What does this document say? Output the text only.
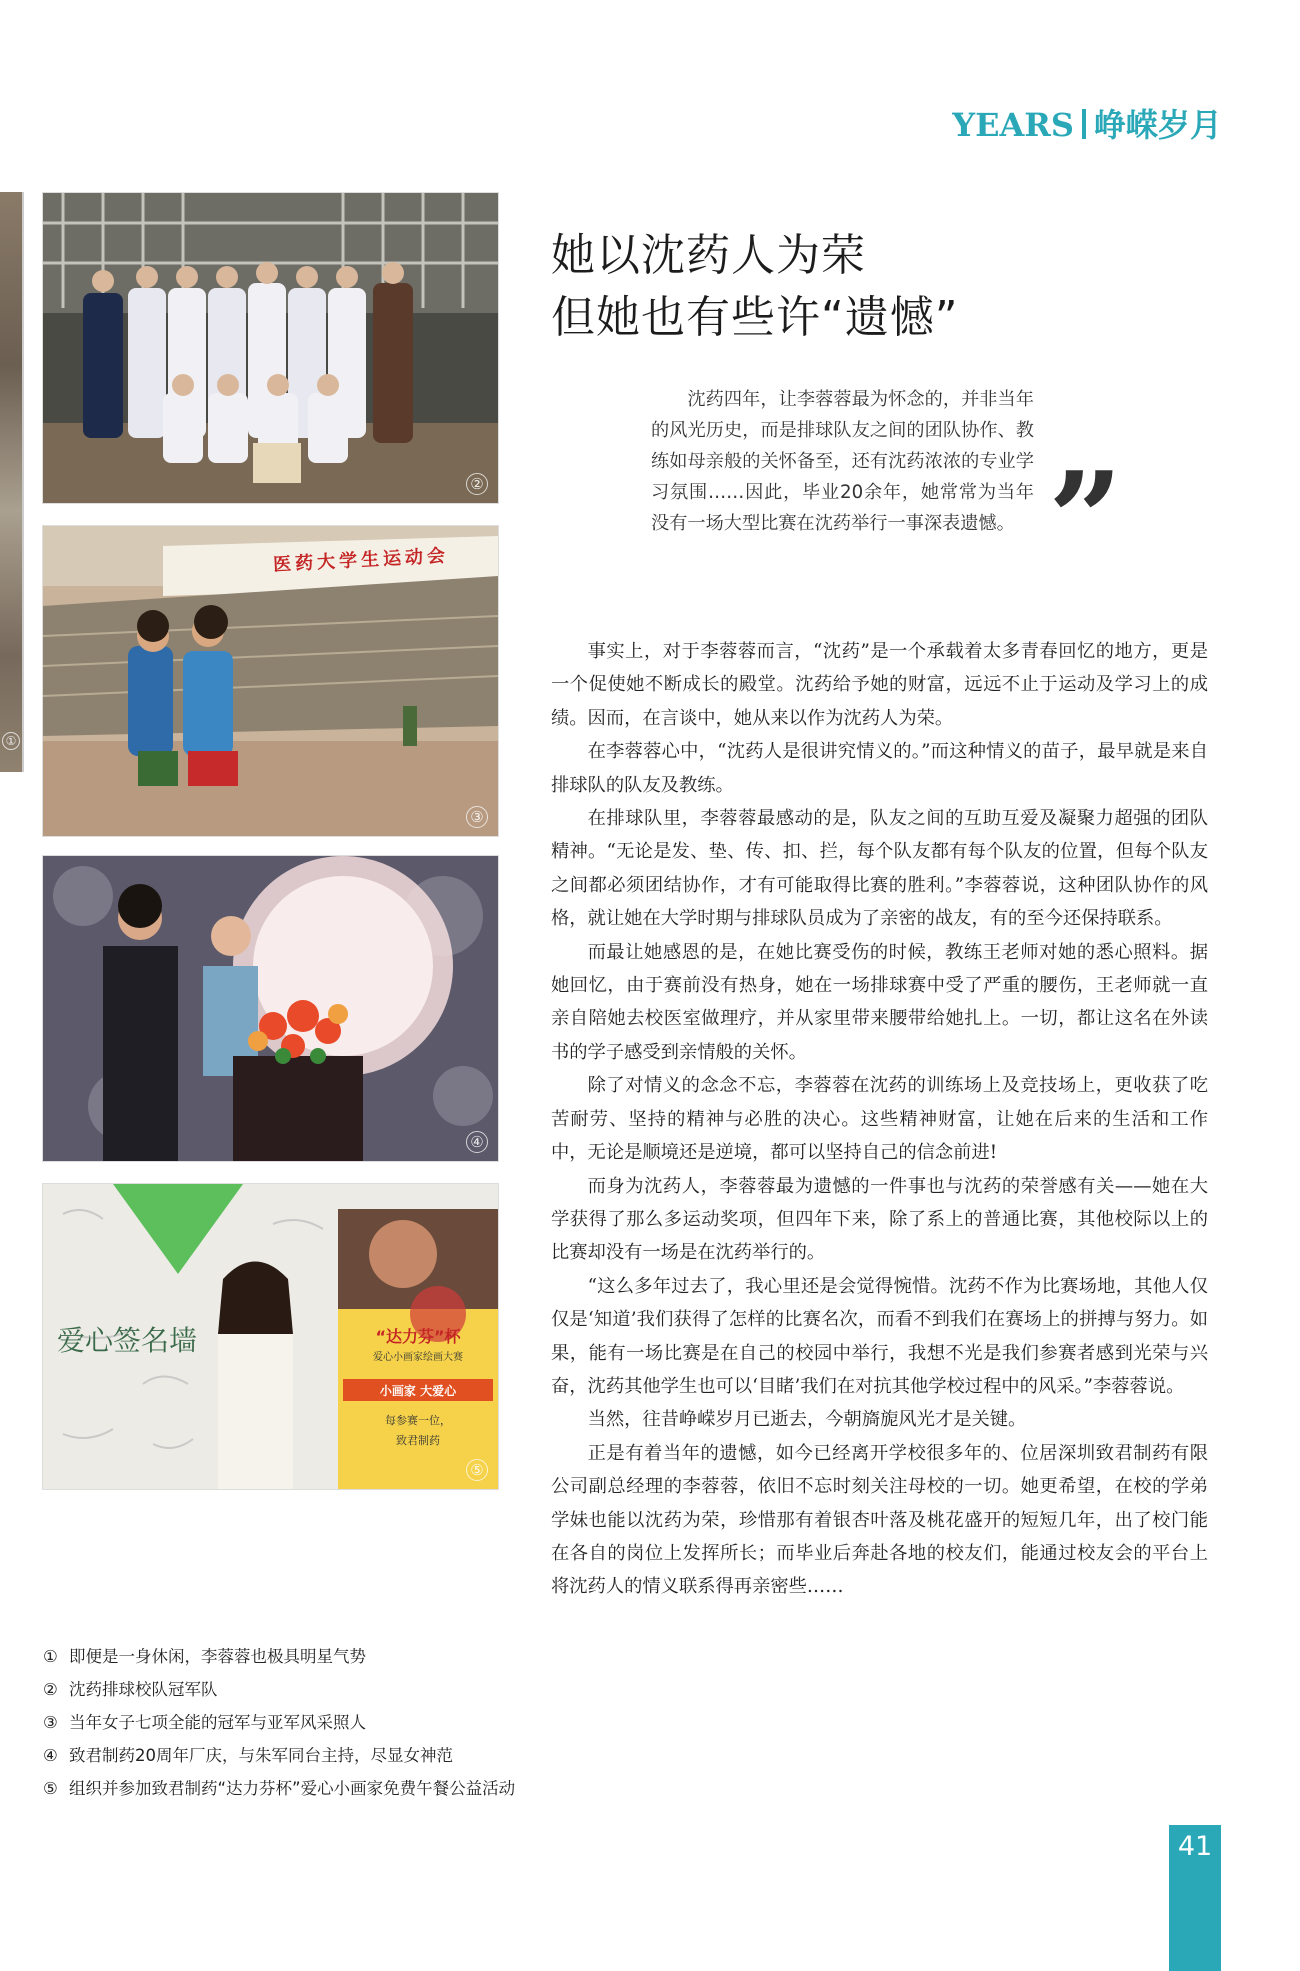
YEARS 峥嵘岁月
①
②
③
医药大学生运动会
④
爱心签名墙	“达力芬”杯
爱心小画家绘画大赛
小画家 大爱心
每参赛一位，
致君制药
⑤
她以沈药人为荣
但她也有些许“遗憾”
沈药四年，让李蓉蓉最为怀念的，并非当年的风光历史，而是排球队友之间的团队协作、教练如母亲般的关怀备至，还有沈药浓浓的专业学习氛围……因此，毕业20余年，她常常为当年没有一场大型比赛在沈药举行一事深表遗憾。 ”

事实上，对于李蓉蓉而言，“沈药”是一个承载着太多青春回忆的地方，更是一个促使她不断成长的殿堂。沈药给予她的财富，远远不止于运动及学习上的成绩。因而，在言谈中，她从来以作为沈药人为荣。

在李蓉蓉心中，“沈药人是很讲究情义的。”而这种情义的苗子，最早就是来自排球队的队友及教练。

在排球队里，李蓉蓉最感动的是，队友之间的互助互爱及凝聚力超强的团队精神。“无论是发、垫、传、扣、拦，每个队友都有每个队友的位置，但每个队友之间都必须团结协作，才有可能取得比赛的胜利。”李蓉蓉说，这种团队协作的风格，就让她在大学时期与排球队员成为了亲密的战友，有的至今还保持联系。

而最让她感恩的是，在她比赛受伤的时候，教练王老师对她的悉心照料。据她回忆，由于赛前没有热身，她在一场排球赛中受了严重的腰伤，王老师就一直亲自陪她去校医室做理疗，并从家里带来腰带给她扎上。一切，都让这名在外读书的学子感受到亲情般的关怀。

除了对情义的念念不忘，李蓉蓉在沈药的训练场上及竞技场上，更收获了吃苦耐劳、坚持的精神与必胜的决心。这些精神财富，让她在后来的生活和工作中，无论是顺境还是逆境，都可以坚持自己的信念前进!

而身为沈药人，李蓉蓉最为遗憾的一件事也与沈药的荣誉感有关——她在大学获得了那么多运动奖项，但四年下来，除了系上的普通比赛，其他校际以上的比赛却没有一场是在沈药举行的。

“这么多年过去了，我心里还是会觉得惋惜。沈药不作为比赛场地，其他人仅仅是‘知道’我们获得了怎样的比赛名次，而看不到我们在赛场上的拼搏与努力。如果，能有一场比赛是在自己的校园中举行，我想不光是我们参赛者感到光荣与兴奋，沈药其他学生也可以‘目睹’我们在对抗其他学校过程中的风采。”李蓉蓉说。

当然，往昔峥嵘岁月已逝去，今朝旖旎风光才是关键。

正是有着当年的遗憾，如今已经离开学校很多年的、位居深圳致君制药有限公司副总经理的李蓉蓉，依旧不忘时刻关注母校的一切。她更希望，在校的学弟学妹也能以沈药为荣，珍惜那有着银杏叶落及桃花盛开的短短几年，出了校门能在各自的岗位上发挥所长；而毕业后奔赴各地的校友们，能通过校友会的平台上将沈药人的情义联系得再亲密些……

① 即便是一身休闲，李蓉蓉也极具明星气势
② 沈药排球校队冠军队
③ 当年女子七项全能的冠军与亚军风采照人
④ 致君制药20周年厂庆，与朱军同台主持，尽显女神范
⑤ 组织并参加致君制药“达力芬杯”爱心小画家免费午餐公益活动
41
